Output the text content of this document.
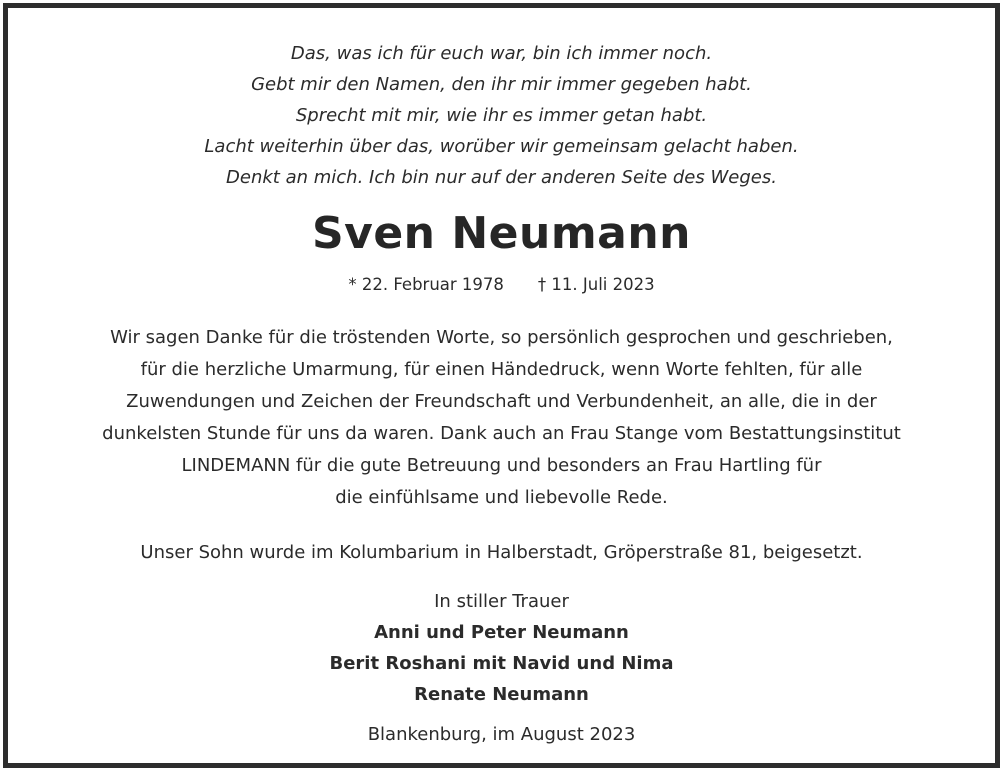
Das, was ich für euch war, bin ich immer noch.
Gebt mir den Namen, den ihr mir immer gegeben habt.
Sprecht mit mir, wie ihr es immer getan habt.
Lacht weiterhin über das, worüber wir gemeinsam gelacht haben.
Denkt an mich. Ich bin nur auf der anderen Seite des Weges.
Sven Neumann
* 22. Februar 1978 † 11. Juli 2023
Wir sagen Danke für die tröstenden Worte, so persönlich gesprochen und geschrieben,
für die herzliche Umarmung, für einen Händedruck, wenn Worte fehlten, für alle
Zuwendungen und Zeichen der Freundschaft und Verbundenheit, an alle, die in der
dunkelsten Stunde für uns da waren. Dank auch an Frau Stange vom Bestattungsinstitut
LINDEMANN für die gute Betreuung und besonders an Frau Hartling für
die einfühlsame und liebevolle Rede.
Unser Sohn wurde im Kolumbarium in Halberstadt, Gröperstraße 81, beigesetzt.
In stiller Trauer
Anni und Peter Neumann
Berit Roshani mit Navid und Nima
Renate Neumann
Blankenburg, im August 2023
